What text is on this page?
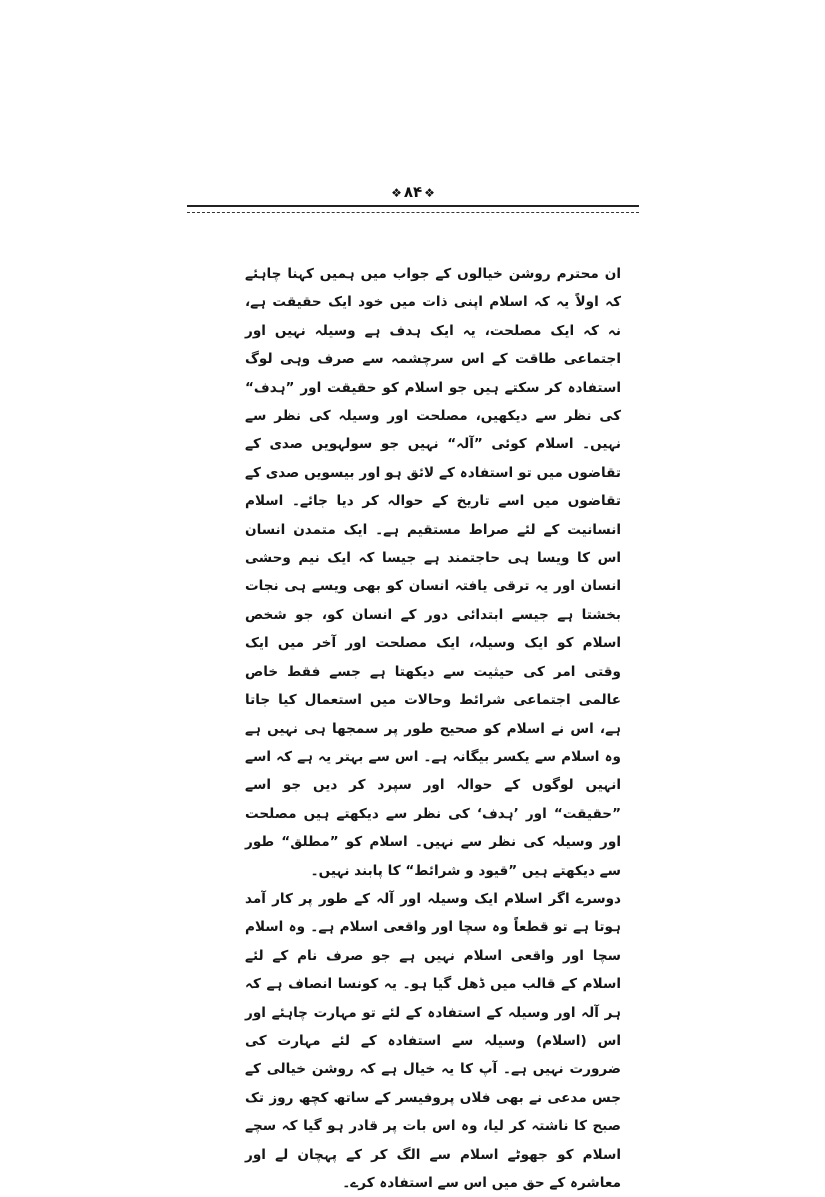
❖ ۸۴ ❖

ان محترم روشن خیالوں کے جواب میں ہمیں کہنا چاہئے کہ اولاً یہ کہ اسلام اپنی ذات میں خود ایک حقیقت ہے، نہ کہ ایک مصلحت، یہ ایک ہدف ہے وسیلہ نہیں اور اجتماعی طاقت کے اس سرچشمہ سے صرف وہی لوگ استفادہ کر سکتے ہیں جو اسلام کو حقیقت اور ”ہدف“ کی نظر سے دیکھیں، مصلحت اور وسیلہ کی نظر سے نہیں۔ اسلام کوئی ”آلہ“ نہیں جو سولہویں صدی کے تقاضوں میں تو استفادہ کے لائق ہو اور بیسویں صدی کے تقاضوں میں اسے تاریخ کے حوالہ کر دیا جائے۔ اسلام انسانیت کے لئے صراط مستقیم ہے۔ ایک متمدن انسان اس کا ویسا ہی حاجتمند ہے جیسا کہ ایک نیم وحشی انسان اور یہ ترقی یافتہ انسان کو بھی ویسے ہی نجات بخشتا ہے جیسے ابتدائی دور کے انسان کو، جو شخص اسلام کو ایک وسیلہ، ایک مصلحت اور آخر میں ایک وقتی امر کی حیثیت سے دیکھتا ہے جسے فقط خاص عالمی اجتماعی شرائط وحالات میں استعمال کیا جاتا ہے، اس نے اسلام کو صحیح طور پر سمجھا ہی نہیں ہے وہ اسلام سے یکسر بیگانہ ہے۔ اس سے بہتر یہ ہے کہ اسے انہیں لوگوں کے حوالہ اور سپرد کر دیں جو اسے ”حقیقت“ اور ’ہدف‘ کی نظر سے دیکھتے ہیں مصلحت اور وسیلہ کی نظر سے نہیں۔ اسلام کو ”مطلق“ طور سے دیکھتے ہیں ”قیود و شرائط“ کا پابند نہیں۔

دوسرے اگر اسلام ایک وسیلہ اور آلہ کے طور پر کار آمد ہوتا ہے تو قطعاً وہ سچا اور واقعی اسلام ہے۔ وہ اسلام سچا اور واقعی اسلام نہیں ہے جو صرف نام کے لئے اسلام کے قالب میں ڈھل گیا ہو۔ یہ کونسا انصاف ہے کہ ہر آلہ اور وسیلہ کے استفادہ کے لئے تو مہارت چاہئے اور اس (اسلام) وسیلہ سے استفادہ کے لئے مہارت کی ضرورت نہیں ہے۔ آپ کا یہ خیال ہے کہ روشن خیالی کے جس مدعی نے بھی فلاں پروفیسر کے ساتھ کچھ روز تک صبح کا ناشتہ کر لیا، وہ اس بات پر قادر ہو گیا کہ سچے اسلام کو جھوٹے اسلام سے الگ کر کے پہچان لے اور معاشرہ کے حق میں اس سے استفادہ کرے۔
